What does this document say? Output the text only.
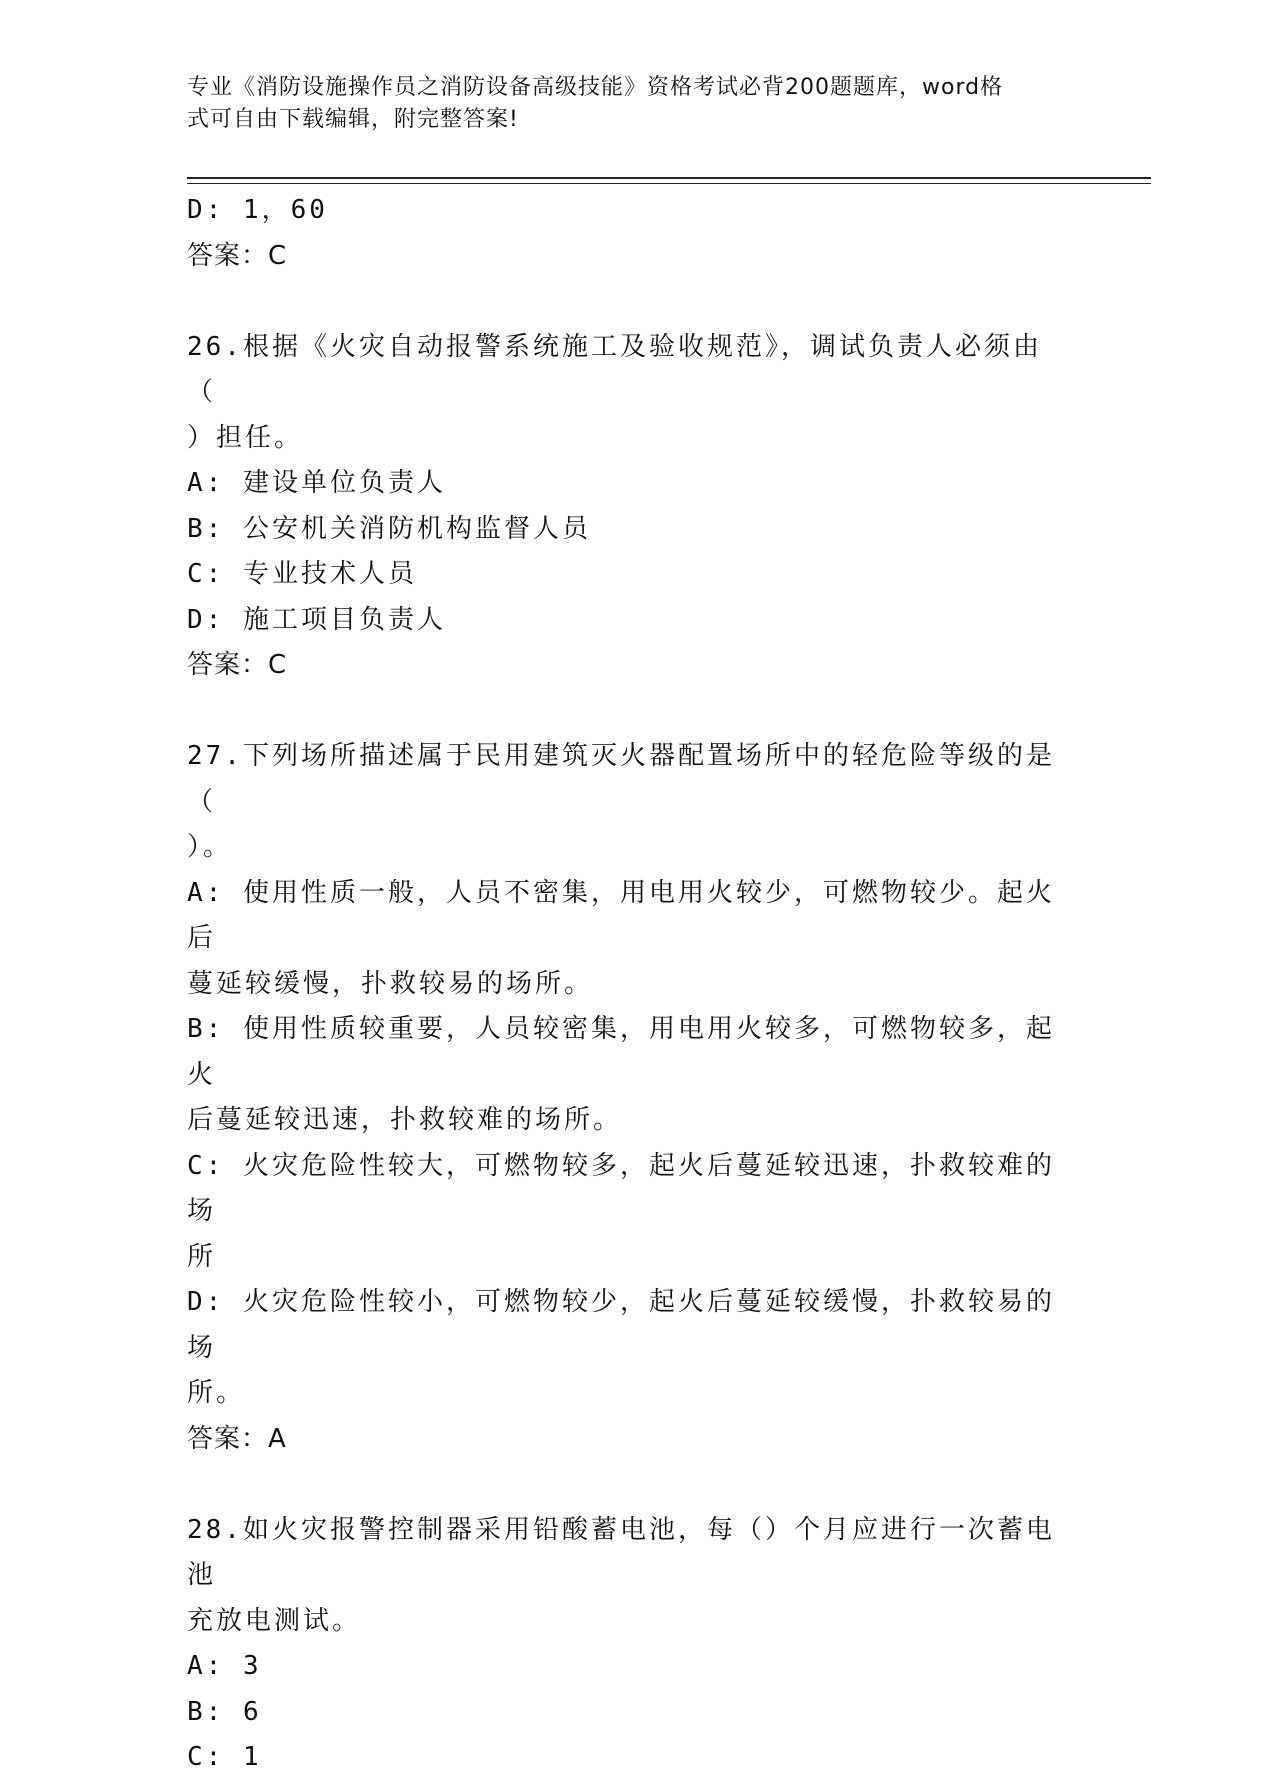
专业《消防设施操作员之消防设备高级技能》资格考试必背200题题库，word格
式可自由下载编辑，附完整答案!
D: 1，60
答案：C
26.根据《火灾自动报警系统施工及验收规范》，调试负责人必须由（
）担任。
A: 建设单位负责人
B: 公安机关消防机构监督人员
C: 专业技术人员
D: 施工项目负责人
答案：C
27.下列场所描述属于民用建筑灭火器配置场所中的轻危险等级的是（
）。
A: 使用性质一般，人员不密集，用电用火较少，可燃物较少。起火后
蔓延较缓慢，扑救较易的场所。
B: 使用性质较重要，人员较密集，用电用火较多，可燃物较多，起火
后蔓延较迅速，扑救较难的场所。
C: 火灾危险性较大，可燃物较多，起火后蔓延较迅速，扑救较难的场
所
D: 火灾危险性较小，可燃物较少，起火后蔓延较缓慢，扑救较易的场
所。
答案：A
28.如火灾报警控制器采用铅酸蓄电池，每（）个月应进行一次蓄电池
充放电测试。
A: 3
B: 6
C: 1
